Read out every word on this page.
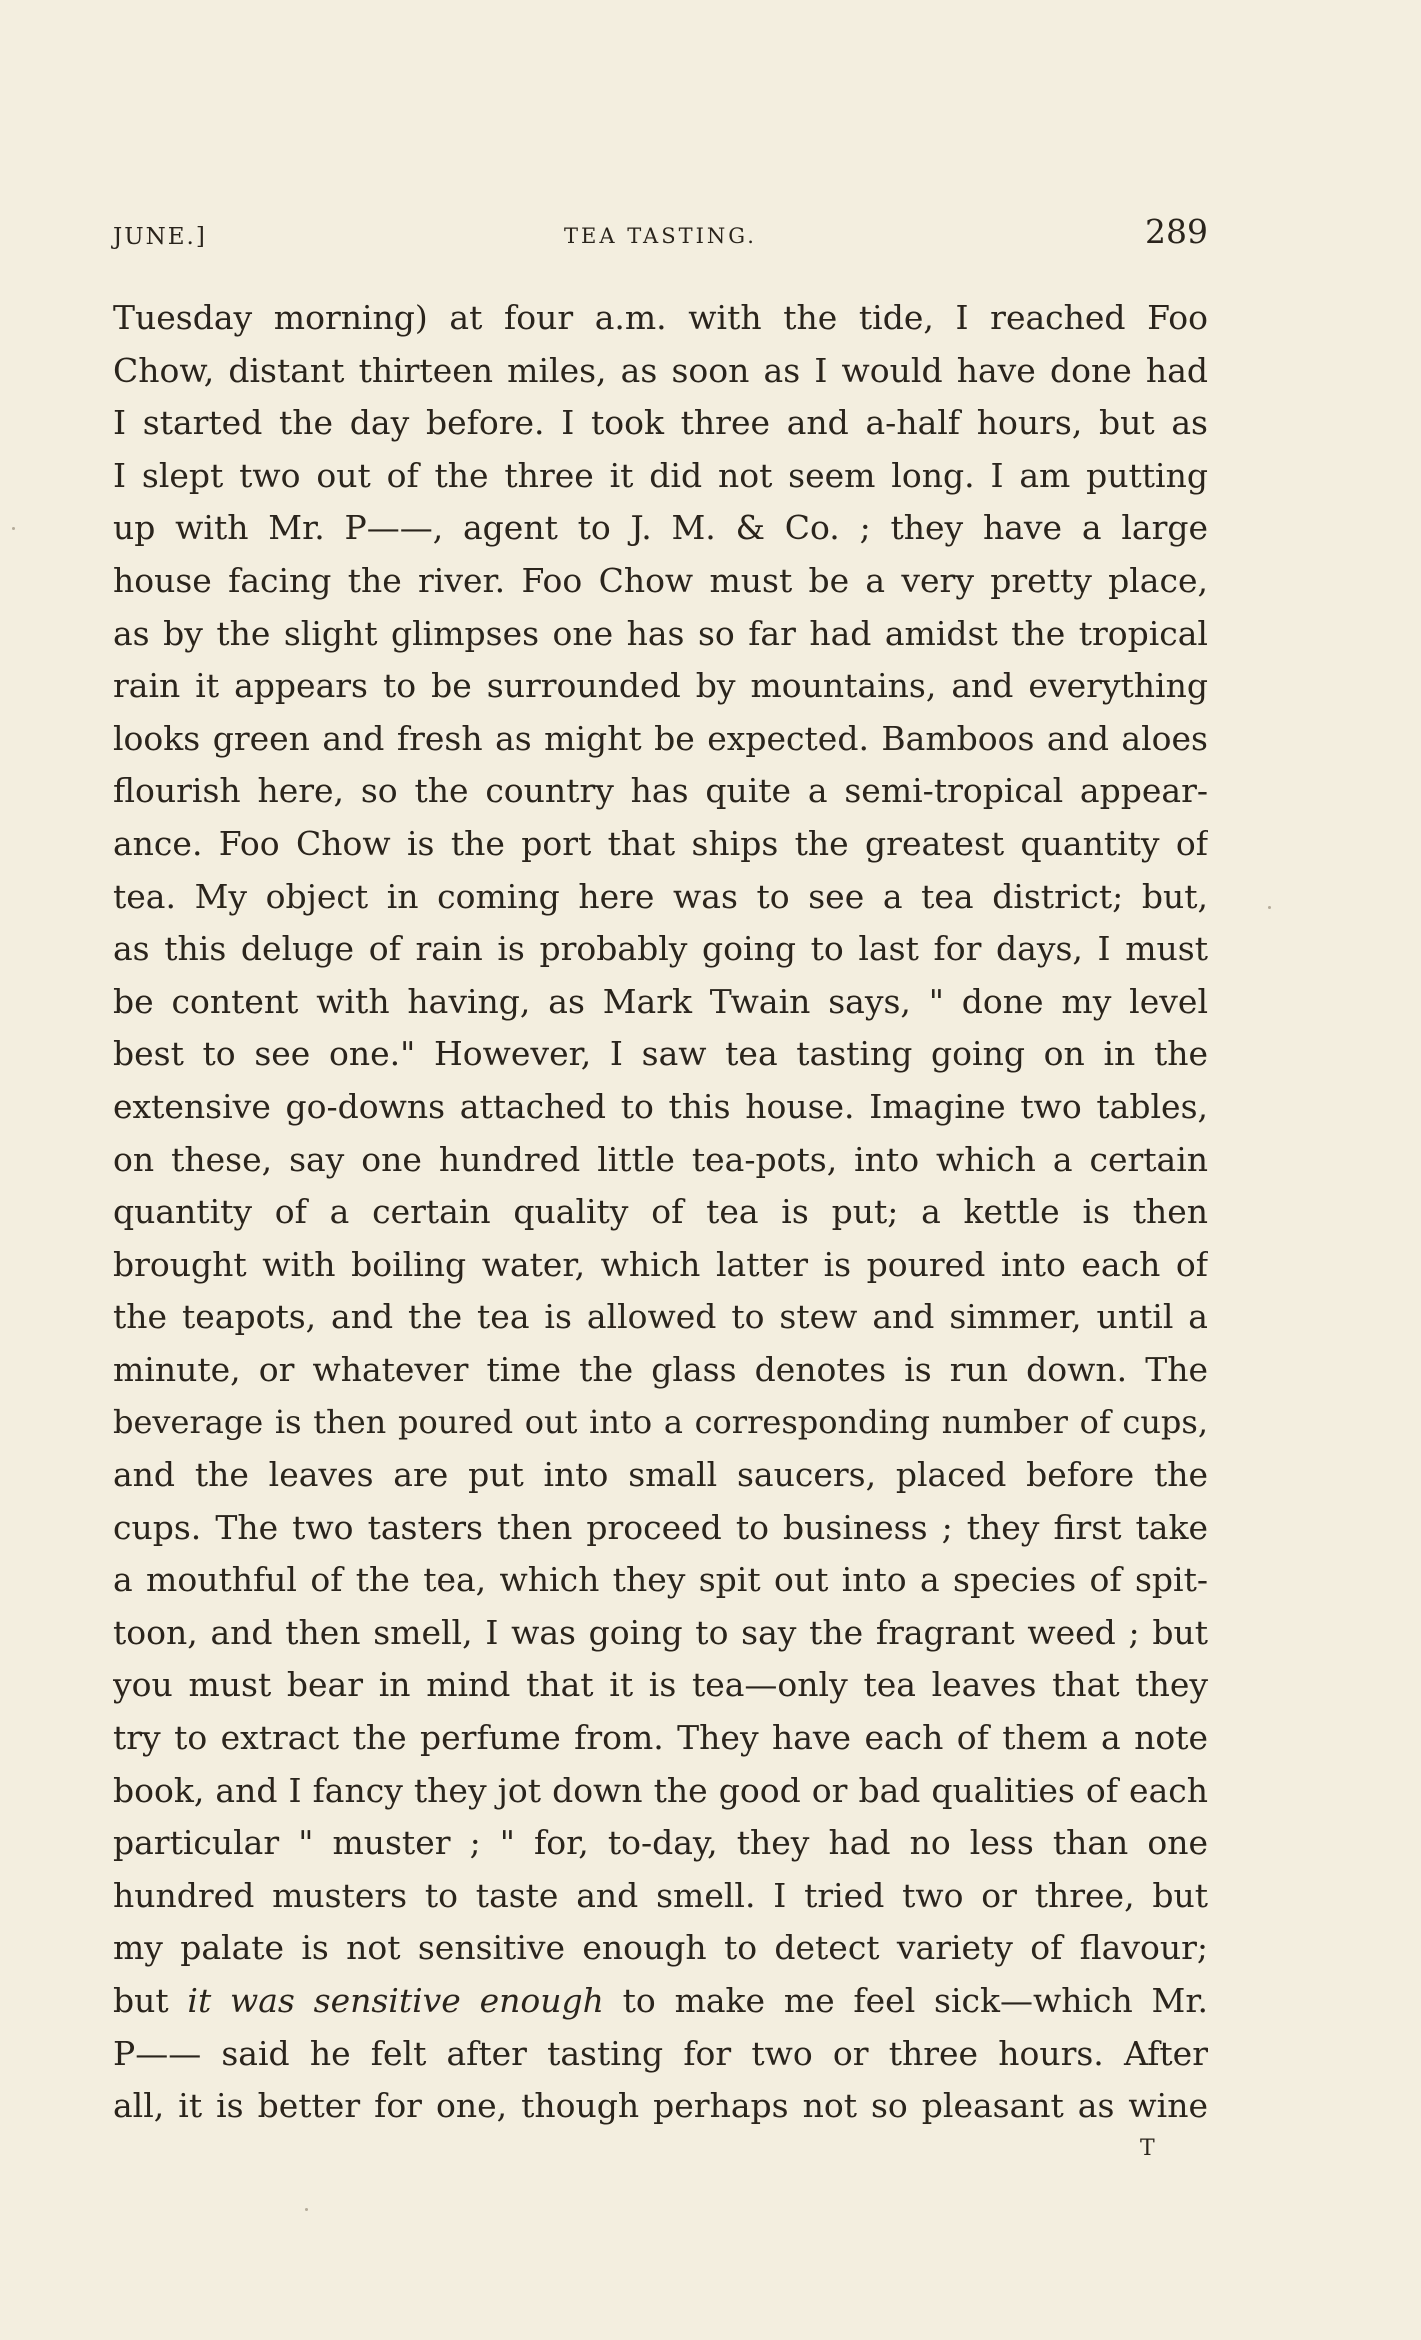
JUNE.]	TEA TASTING.	289
Tuesday morning) at four a.m. with the tide, I reached Foo
Chow, distant thirteen miles, as soon as I would have done had
I started the day before. I took three and a-half hours, but as
I slept two out of the three it did not seem long. I am putting
up with Mr. P——, agent to J. M. & Co. ; they have a large
house facing the river. Foo Chow must be a very pretty place,
as by the slight glimpses one has so far had amidst the tropical
rain it appears to be surrounded by mountains, and everything
looks green and fresh as might be expected. Bamboos and aloes
flourish here, so the country has quite a semi-tropical appear-
ance. Foo Chow is the port that ships the greatest quantity of
tea. My object in coming here was to see a tea district; but,
as this deluge of rain is probably going to last for days, I must
be content with having, as Mark Twain says, " done my level
best to see one." However, I saw tea tasting going on in the
extensive go-downs attached to this house. Imagine two tables,
on these, say one hundred little tea-pots, into which a certain
quantity of a certain quality of tea is put; a kettle is then
brought with boiling water, which latter is poured into each of
the teapots, and the tea is allowed to stew and simmer, until a
minute, or whatever time the glass denotes is run down. The
beverage is then poured out into a corresponding number of cups,
and the leaves are put into small saucers, placed before the
cups. The two tasters then proceed to business ; they first take
a mouthful of the tea, which they spit out into a species of spit-
toon, and then smell, I was going to say the fragrant weed ; but
you must bear in mind that it is tea—only tea leaves that they
try to extract the perfume from. They have each of them a note
book, and I fancy they jot down the good or bad qualities of each
particular " muster ; " for, to-day, they had no less than one
hundred musters to taste and smell. I tried two or three, but
my palate is not sensitive enough to detect variety of flavour;
but it was sensitive enough to make me feel sick—which Mr.
P—— said he felt after tasting for two or three hours. After
all, it is better for one, though perhaps not so pleasant as wine
T
